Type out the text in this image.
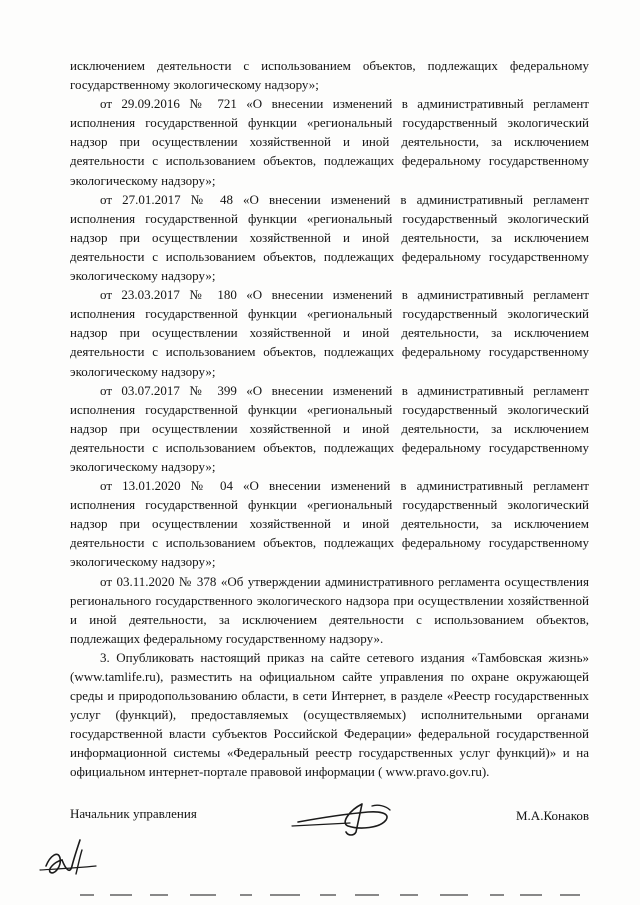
исключением деятельности с использованием объектов, подлежащих федеральному государственному экологическому надзору»;

от 29.09.2016 № 721 «О внесении изменений в административный регламент исполнения государственной функции «региональный государственный экологический надзор при осуществлении хозяйственной и иной деятельности, за исключением деятельности с использованием объектов, подлежащих федеральному государственному экологическому надзору»;

от 27.01.2017 № 48 «О внесении изменений в административный регламент исполнения государственной функции «региональный государственный экологический надзор при осуществлении хозяйственной и иной деятельности, за исключением деятельности с использованием объектов, подлежащих федеральному государственному экологическому надзору»;

от 23.03.2017 № 180 «О внесении изменений в административный регламент исполнения государственной функции «региональный государственный экологический надзор при осуществлении хозяйственной и иной деятельности, за исключением деятельности с использованием объектов, подлежащих федеральному государственному экологическому надзору»;

от 03.07.2017 № 399 «О внесении изменений в административный регламент исполнения государственной функции «региональный государственный экологический надзор при осуществлении хозяйственной и иной деятельности, за исключением деятельности с использованием объектов, подлежащих федеральному государственному экологическому надзору»;

от 13.01.2020 № 04 «О внесении изменений в административный регламент исполнения государственной функции «региональный государственный экологический надзор при осуществлении хозяйственной и иной деятельности, за исключением деятельности с использованием объектов, подлежащих федеральному государственному экологическому надзору»;

от 03.11.2020 № 378 «Об утверждении административного регламента осуществления регионального государственного экологического надзора при осуществлении хозяйственной и иной деятельности, за исключением деятельности с использованием объектов, подлежащих федеральному государственному надзору».

3. Опубликовать настоящий приказ на сайте сетевого издания «Тамбовская жизнь» (www.tamlife.ru), разместить на официальном сайте управления по охране окружающей среды и природопользованию области, в сети Интернет, в разделе «Реестр государственных услуг (функций), предоставляемых (осуществляемых) исполнительными органами государственной власти субъектов Российской Федерации» федеральной государственной информационной системы «Федеральный реестр государственных услуг функций)» и на официальном интернет-портале правовой информации ( www.pravo.gov.ru).

Начальник управления	М.А.Конаков
